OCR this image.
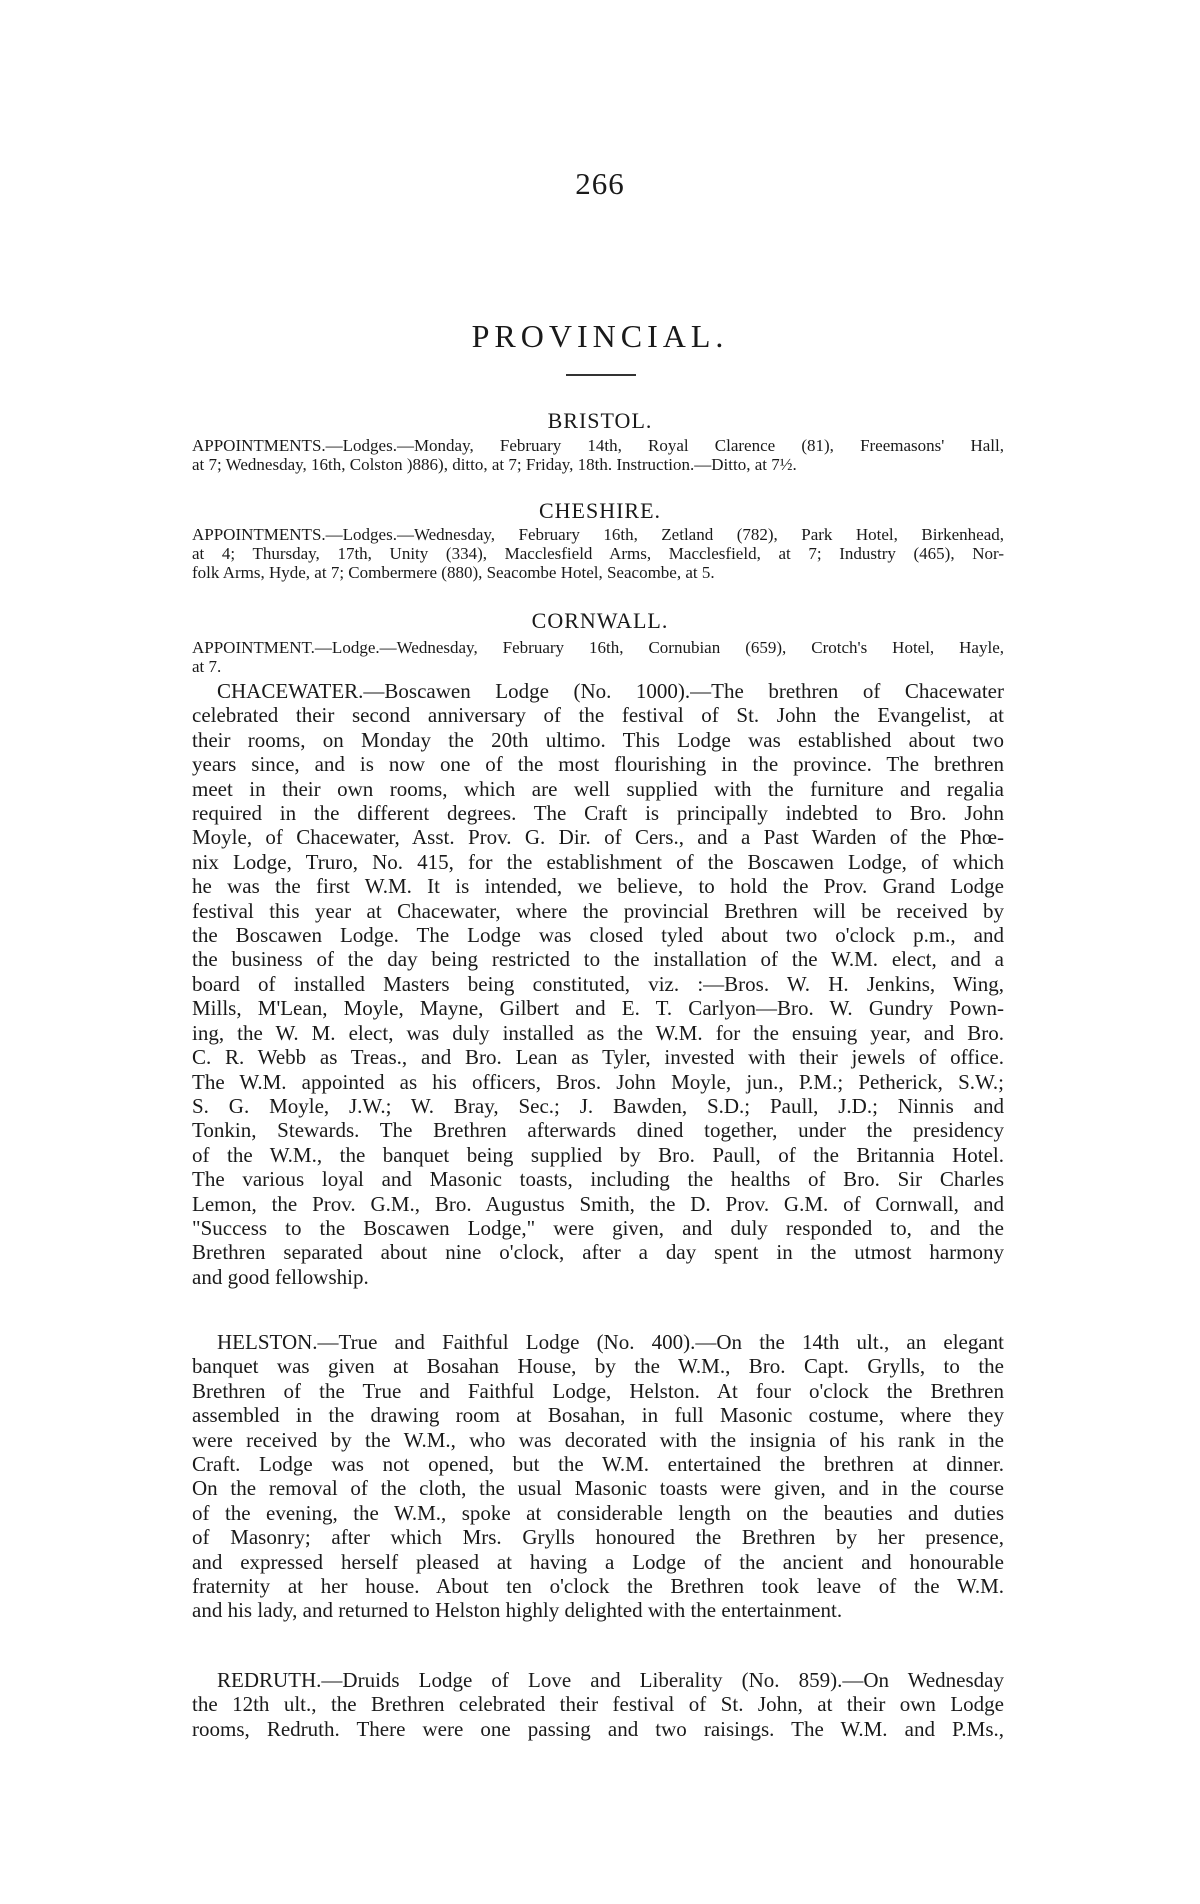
266
PROVINCIAL.
BRISTOL.
APPOINTMENTS.—Lodges.—Monday, February 14th, Royal Clarence (81), Freemasons' Hall,
at 7; Wednesday, 16th, Colston )886), ditto, at 7; Friday, 18th. Instruction.—Ditto, at 7½.
CHESHIRE.
APPOINTMENTS.—Lodges.—Wednesday, February 16th, Zetland (782), Park Hotel, Birkenhead,
at 4; Thursday, 17th, Unity (334), Macclesfield Arms, Macclesfield, at 7; Industry (465), Nor-
folk Arms, Hyde, at 7; Combermere (880), Seacombe Hotel, Seacombe, at 5.
CORNWALL.
APPOINTMENT.—Lodge.—Wednesday, February 16th, Cornubian (659), Crotch's Hotel, Hayle,
at 7.
CHACEWATER.—Boscawen Lodge (No. 1000).—The brethren of Chacewater
celebrated their second anniversary of the festival of St. John the Evangelist, at
their rooms, on Monday the 20th ultimo. This Lodge was established about two
years since, and is now one of the most flourishing in the province. The brethren
meet in their own rooms, which are well supplied with the furniture and regalia
required in the different degrees. The Craft is principally indebted to Bro. John
Moyle, of Chacewater, Asst. Prov. G. Dir. of Cers., and a Past Warden of the Phœ-
nix Lodge, Truro, No. 415, for the establishment of the Boscawen Lodge, of which
he was the first W.M. It is intended, we believe, to hold the Prov. Grand Lodge
festival this year at Chacewater, where the provincial Brethren will be received by
the Boscawen Lodge. The Lodge was closed tyled about two o'clock p.m., and
the business of the day being restricted to the installation of the W.M. elect, and a
board of installed Masters being constituted, viz. :—Bros. W. H. Jenkins, Wing,
Mills, M'Lean, Moyle, Mayne, Gilbert and E. T. Carlyon—Bro. W. Gundry Pown-
ing, the W. M. elect, was duly installed as the W.M. for the ensuing year, and Bro.
C. R. Webb as Treas., and Bro. Lean as Tyler, invested with their jewels of office.
The W.M. appointed as his officers, Bros. John Moyle, jun., P.M.; Petherick, S.W.;
S. G. Moyle, J.W.; W. Bray, Sec.; J. Bawden, S.D.; Paull, J.D.; Ninnis and
Tonkin, Stewards. The Brethren afterwards dined together, under the presidency
of the W.M., the banquet being supplied by Bro. Paull, of the Britannia Hotel.
The various loyal and Masonic toasts, including the healths of Bro. Sir Charles
Lemon, the Prov. G.M., Bro. Augustus Smith, the D. Prov. G.M. of Cornwall, and
"Success to the Boscawen Lodge," were given, and duly responded to, and the
Brethren separated about nine o'clock, after a day spent in the utmost harmony
and good fellowship.
HELSTON.—True and Faithful Lodge (No. 400).—On the 14th ult., an elegant
banquet was given at Bosahan House, by the W.M., Bro. Capt. Grylls, to the
Brethren of the True and Faithful Lodge, Helston. At four o'clock the Brethren
assembled in the drawing room at Bosahan, in full Masonic costume, where they
were received by the W.M., who was decorated with the insignia of his rank in the
Craft. Lodge was not opened, but the W.M. entertained the brethren at dinner.
On the removal of the cloth, the usual Masonic toasts were given, and in the course
of the evening, the W.M., spoke at considerable length on the beauties and duties
of Masonry; after which Mrs. Grylls honoured the Brethren by her presence,
and expressed herself pleased at having a Lodge of the ancient and honourable
fraternity at her house. About ten o'clock the Brethren took leave of the W.M.
and his lady, and returned to Helston highly delighted with the entertainment.
REDRUTH.—Druids Lodge of Love and Liberality (No. 859).—On Wednesday
the 12th ult., the Brethren celebrated their festival of St. John, at their own Lodge
rooms, Redruth. There were one passing and two raisings. The W.M. and P.Ms.,
